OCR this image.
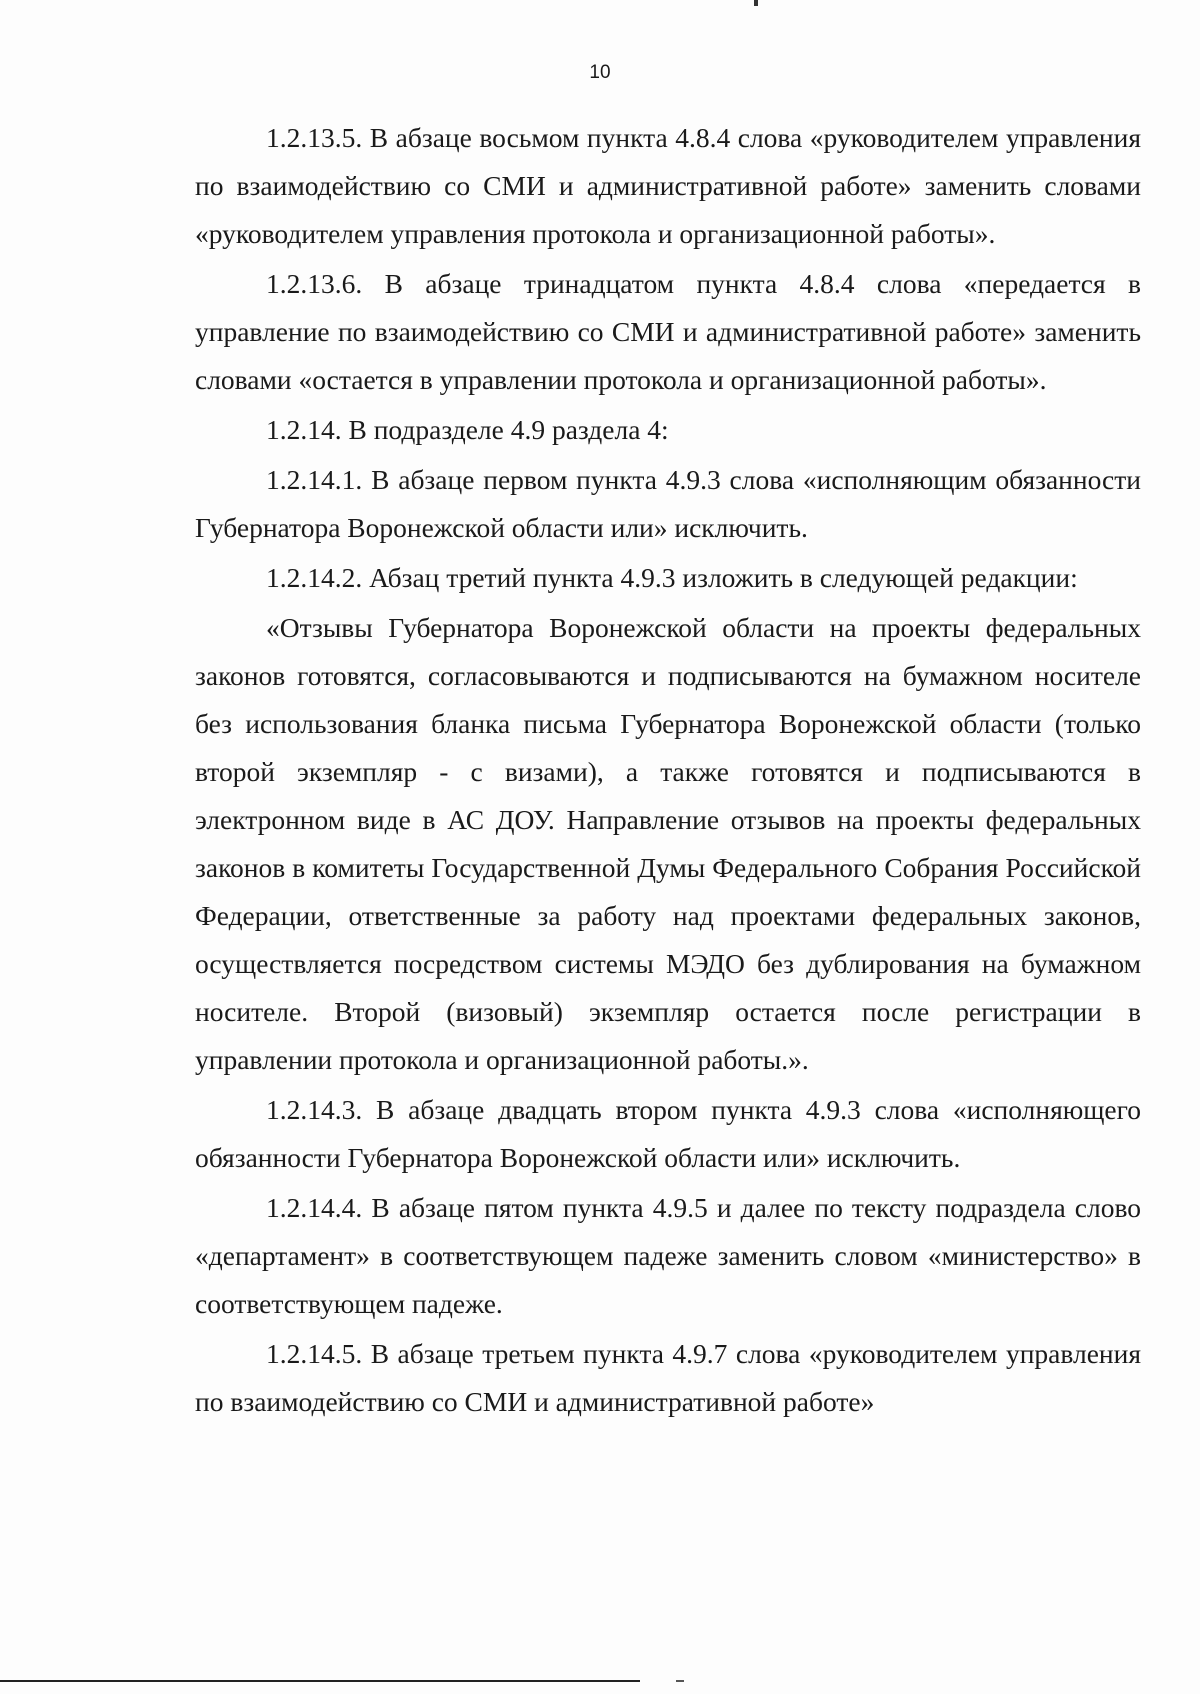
10

1.2.13.5. В абзаце восьмом пункта 4.8.4 слова «руководителем управления по взаимодействию со СМИ и административной работе» заменить словами «руководителем управления протокола и организационной работы».

1.2.13.6. В абзаце тринадцатом пункта 4.8.4 слова «передается в управление по взаимодействию со СМИ и административной работе» заменить словами «остается в управлении протокола и организационной работы».

1.2.14. В подразделе 4.9 раздела 4:

1.2.14.1. В абзаце первом пункта 4.9.3 слова «исполняющим обязанности Губернатора Воронежской области или» исключить.

1.2.14.2. Абзац третий пункта 4.9.3 изложить в следующей редакции:

«Отзывы Губернатора Воронежской области на проекты федеральных законов готовятся, согласовываются и подписываются на бумажном носителе без использования бланка письма Губернатора Воронежской области (только второй экземпляр - с визами), а также готовятся и подписываются в электронном виде в АС ДОУ. Направление отзывов на проекты федеральных законов в комитеты Государственной Думы Федерального Собрания Российской Федерации, ответственные за работу над проектами федеральных законов, осуществляется посредством системы МЭДО без дублирования на бумажном носителе. Второй (визовый) экземпляр остается после регистрации в управлении протокола и организационной работы.».

1.2.14.3. В абзаце двадцать втором пункта 4.9.3 слова «исполняющего обязанности Губернатора Воронежской области или» исключить.

1.2.14.4. В абзаце пятом пункта 4.9.5 и далее по тексту подраздела слово «департамент» в соответствующем падеже заменить словом «министерство» в соответствующем падеже.

1.2.14.5. В абзаце третьем пункта 4.9.7 слова «руководителем управления по взаимодействию со СМИ и административной работе»
